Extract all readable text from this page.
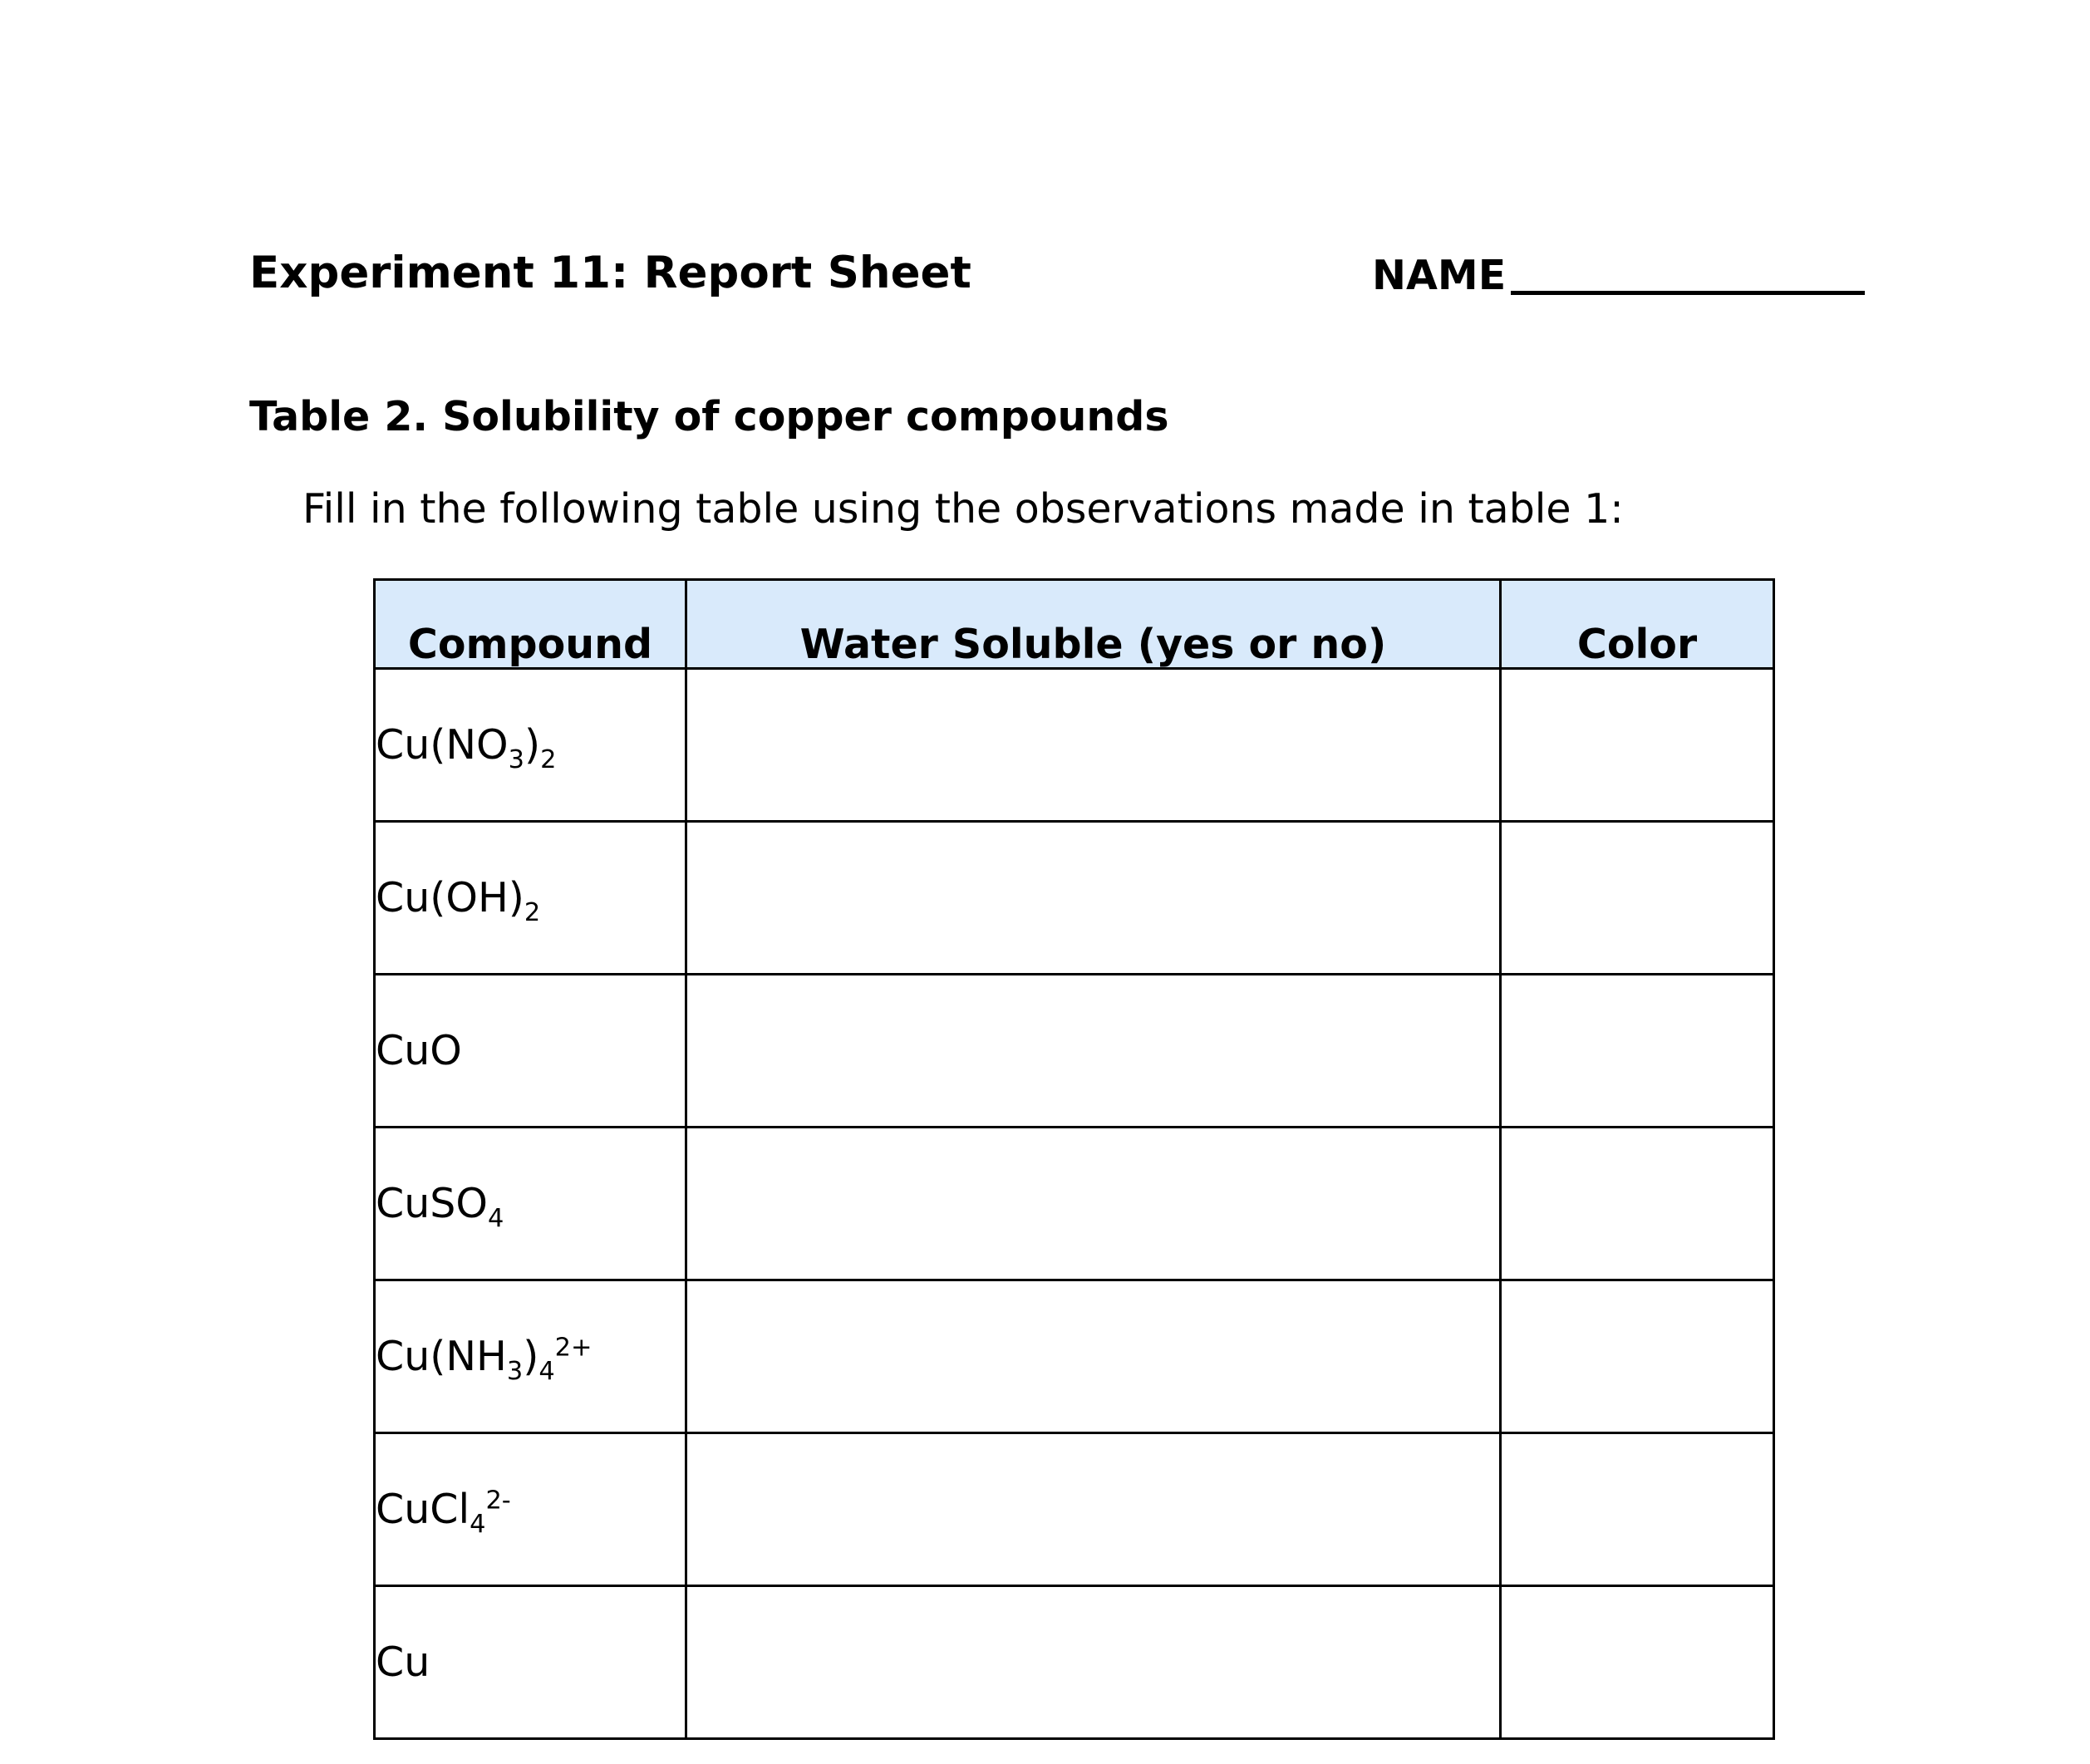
Experiment 11: Report Sheet	NAME
Table 2. Solubility of copper compounds
Fill in the following table using the observations made in table 1:
Compound	Water Soluble (yes or no)	Color
$Cu(NO_3)_2$		
$Cu(OH)_2$		
CuO		
CuSO$_4$		
$Cu(NH_3)_4^{2+}$		
CuCl$_4^{2-}$		
Cu		
